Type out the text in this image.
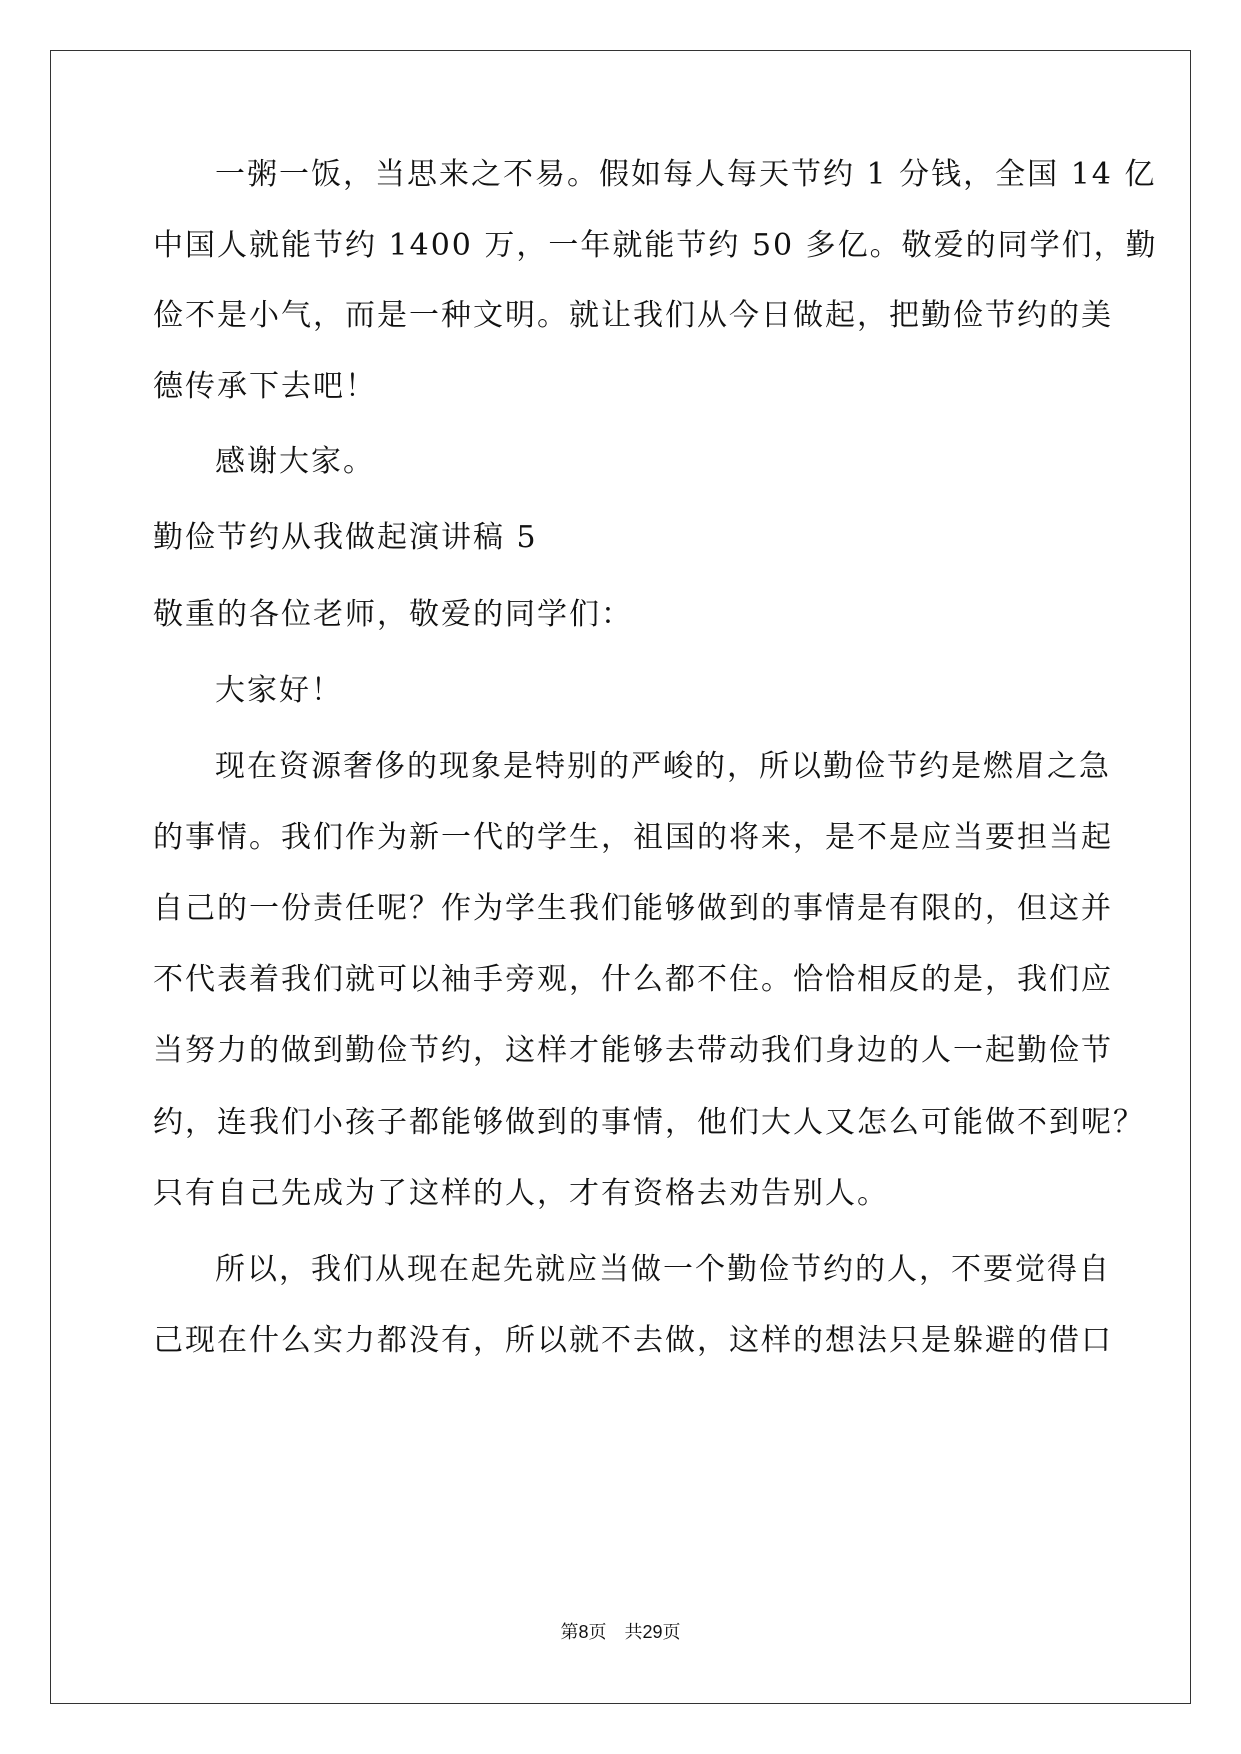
一粥一饭，当思来之不易。假如每人每天节约 1 分钱，全国 14 亿
中国人就能节约 1400 万，一年就能节约 50 多亿。敬爱的同学们，勤
俭不是小气，而是一种文明。就让我们从今日做起，把勤俭节约的美
德传承下去吧！
感谢大家。
勤俭节约从我做起演讲稿 5
敬重的各位老师，敬爱的同学们：
大家好！
现在资源奢侈的现象是特别的严峻的，所以勤俭节约是燃眉之急
的事情。我们作为新一代的学生，祖国的将来，是不是应当要担当起
自己的一份责任呢？作为学生我们能够做到的事情是有限的，但这并
不代表着我们就可以袖手旁观，什么都不住。恰恰相反的是，我们应
当努力的做到勤俭节约，这样才能够去带动我们身边的人一起勤俭节
约，连我们小孩子都能够做到的事情，他们大人又怎么可能做不到呢？
只有自己先成为了这样的人，才有资格去劝告别人。
所以，我们从现在起先就应当做一个勤俭节约的人，不要觉得自
己现在什么实力都没有，所以就不去做，这样的想法只是躲避的借口
第8页 共29页
